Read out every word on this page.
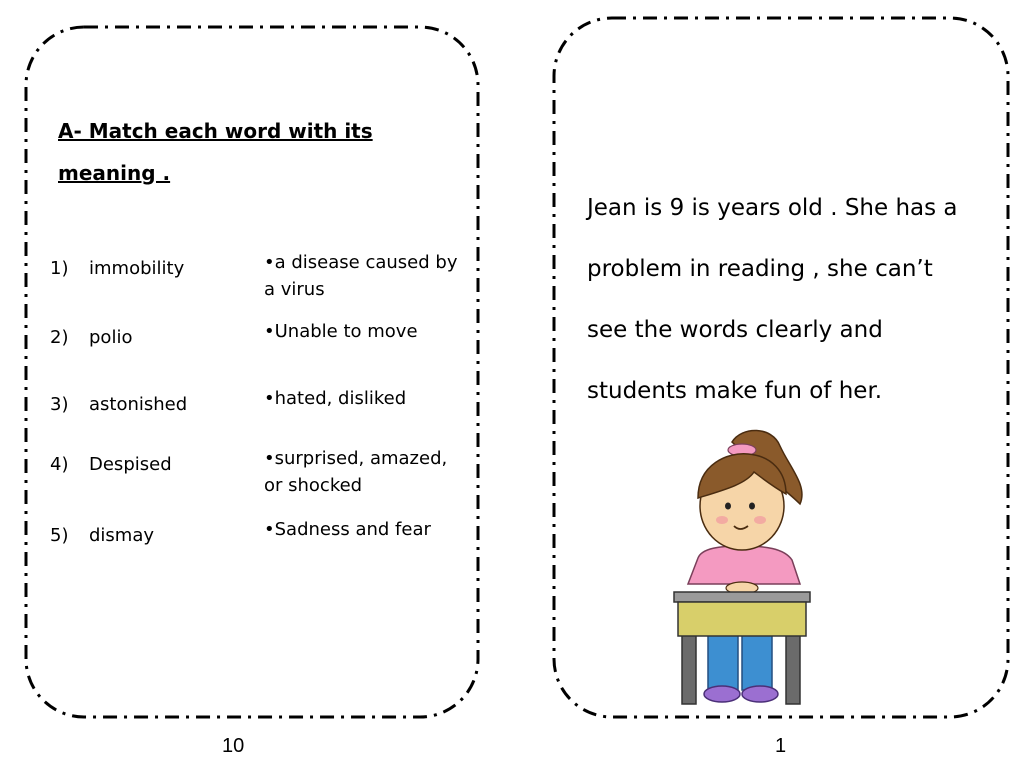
A- Match each word with its meaning .
1) immobility	•a disease caused by a virus
2) polio	•Unable to move
3) astonished	•hated, disliked
4) Despised	•surprised, amazed, or shocked
5) dismay	•Sadness and fear
Jean is 9 is years old . She has a problem in reading , she can’t see the words clearly and students make fun of her.
10	1
